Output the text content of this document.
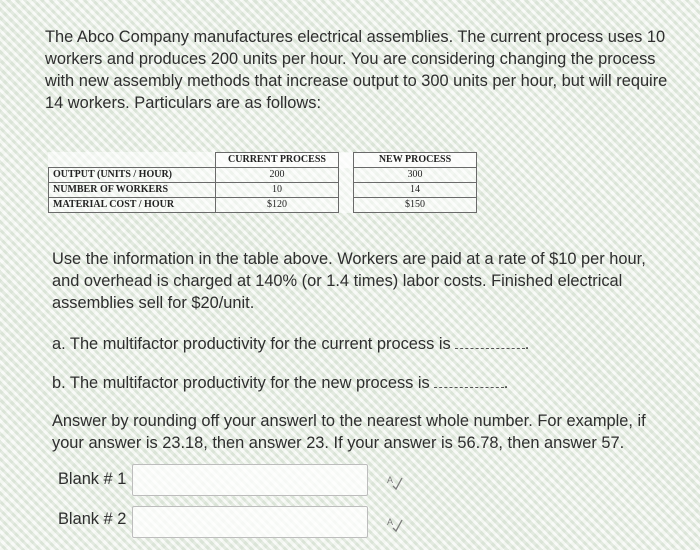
The Abco Company manufactures electrical assemblies. The current process uses 10 workers and produces 200 units per hour. You are considering changing the process with new assembly methods that increase output to 300 units per hour, but will require 14 workers. Particulars are as follows:
	CURRENT PROCESS		NEW PROCESS
OUTPUT (UNITS / HOUR)	200		300
NUMBER OF WORKERS	10		14
MATERIAL COST / HOUR	$120		$150
Use the information in the table above. Workers are paid at a rate of $10 per hour, and overhead is charged at 140% (or 1.4 times) labor costs. Finished electrical assemblies sell for $20/unit.
a. The multifactor productivity for the current process is	.
b. The multifactor productivity for the new process is	.
Answer by rounding off your answerl to the nearest whole number. For example, if your answer is 23.18, then answer 23. If your answer is 56.78, then answer 57.
Blank # 1	A
Blank # 2	A
